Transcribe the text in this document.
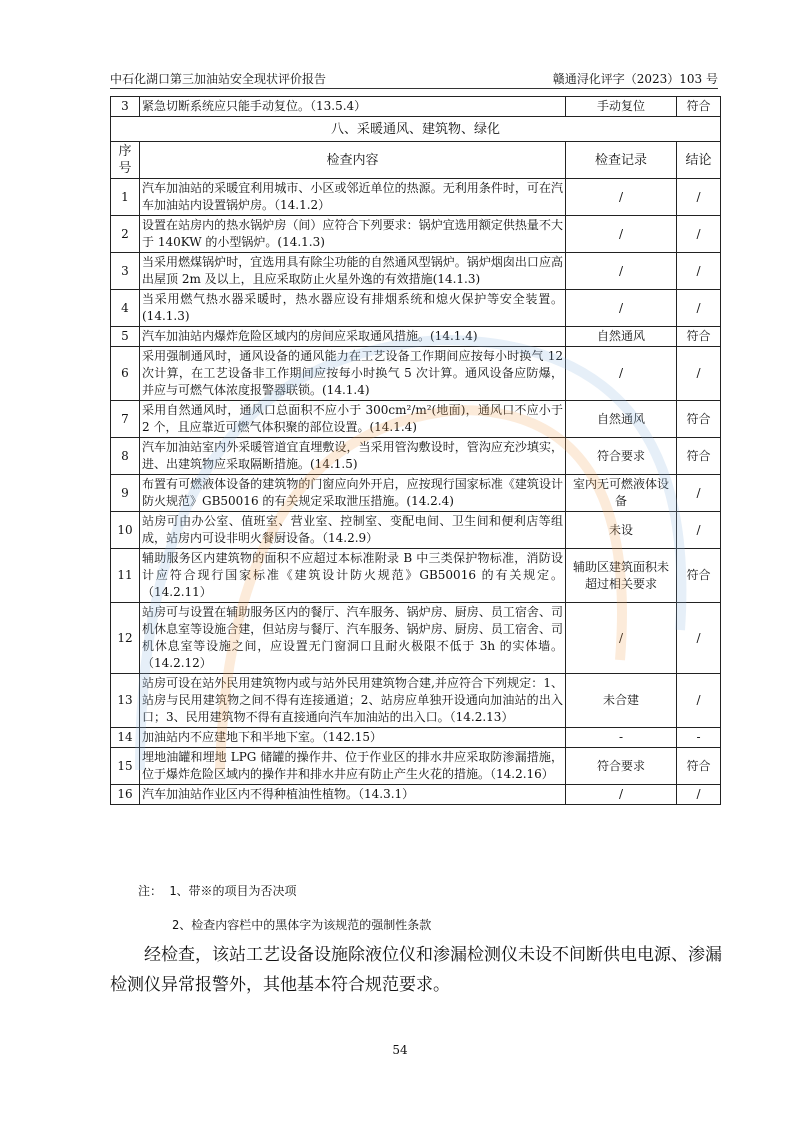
中石化湖口第三加油站安全现状评价报告	赣通浔化评字（2023）103 号
3	紧急切断系统应只能手动复位。（13.5.4）	手动复位	符合
八、采暖通风、建筑物、绿化			
序号	检查内容	检查记录	结论
1	汽车加油站的采暖宜利用城市、小区或邻近单位的热源。无利用条件时，可在汽车加油站内设置锅炉房。（14.1.2）	/	/
2	设置在站房内的热水锅炉房（间）应符合下列要求：锅炉宜选用额定供热量不大于 140KW 的小型锅炉。(14.1.3)	/	/
3	当采用燃煤锅炉时，宜选用具有除尘功能的自然通风型锅炉。锅炉烟囱出口应高出屋顶 2m 及以上，且应采取防止火星外逸的有效措施(14.1.3)	/	/
4	当采用燃气热水器采暖时，热水器应设有排烟系统和熄火保护等安全装置。(14.1.3)	/	/
5	汽车加油站内爆炸危险区域内的房间应采取通风措施。(14.1.4)	自然通风	符合
6	采用强制通风时，通风设备的通风能力在工艺设备工作期间应按每小时换气 12 次计算，在工艺设备非工作期间应按每小时换气 5 次计算。通风设备应防爆，并应与可燃气体浓度报警器联锁。(14.1.4)	/	/
7	采用自然通风时，通风口总面积不应小于 300cm²/m²(地面)，通风口不应小于 2 个，且应靠近可燃气体积聚的部位设置。(14.1.4)	自然通风	符合
8	汽车加油站室内外采暖管道宜直埋敷设，当采用管沟敷设时，管沟应充沙填实，进、出建筑物应采取隔断措施。(14.1.5)	符合要求	符合
9	布置有可燃液体设备的建筑物的门窗应向外开启，应按现行国家标准《建筑设计防火规范》GB50016 的有关规定采取泄压措施。(14.2.4)	室内无可燃液体设备	/
10	站房可由办公室、值班室、营业室、控制室、变配电间、卫生间和便利店等组成，站房内可设非明火餐厨设备。（14.2.9）	未设	/
11	辅助服务区内建筑物的面积不应超过本标准附录 B 中三类保护物标准，消防设计应符合现行国家标准《建筑设计防火规范》GB50016 的有关规定。（14.2.11）	辅助区建筑面积未超过相关要求	符合
12	站房可与设置在辅助服务区内的餐厅、汽车服务、锅炉房、厨房、员工宿舍、司机休息室等设施合建，但站房与餐厅、汽车服务、锅炉房、厨房、员工宿舍、司机休息室等设施之间，应设置无门窗洞口且耐火极限不低于 3h 的实体墙。（14.2.12）	/	/
13	站房可设在站外民用建筑物内或与站外民用建筑物合建,并应符合下列规定：1、站房与民用建筑物之间不得有连接通道；2、站房应单独开设通向加油站的出入口；3、民用建筑物不得有直接通向汽车加油站的出入口。（14.2.13）	未合建	/
14	加油站内不应建地下和半地下室。（142.15）	-	-
15	埋地油罐和埋地 LPG 储罐的操作井、位于作业区的排水井应采取防渗漏措施，位于爆炸危险区域内的操作井和排水井应有防止产生火花的措施。（14.2.16）	符合要求	符合
16	汽车加油站作业区内不得种植油性植物。（14.3.1）	/	/
注： 1、带※的项目为否决项
2、检查内容栏中的黑体字为该规范的强制性条款
经检查，该站工艺设备设施除液位仪和渗漏检测仪未设不间断供电电源、渗漏检测仪异常报警外，其他基本符合规范要求。
54
